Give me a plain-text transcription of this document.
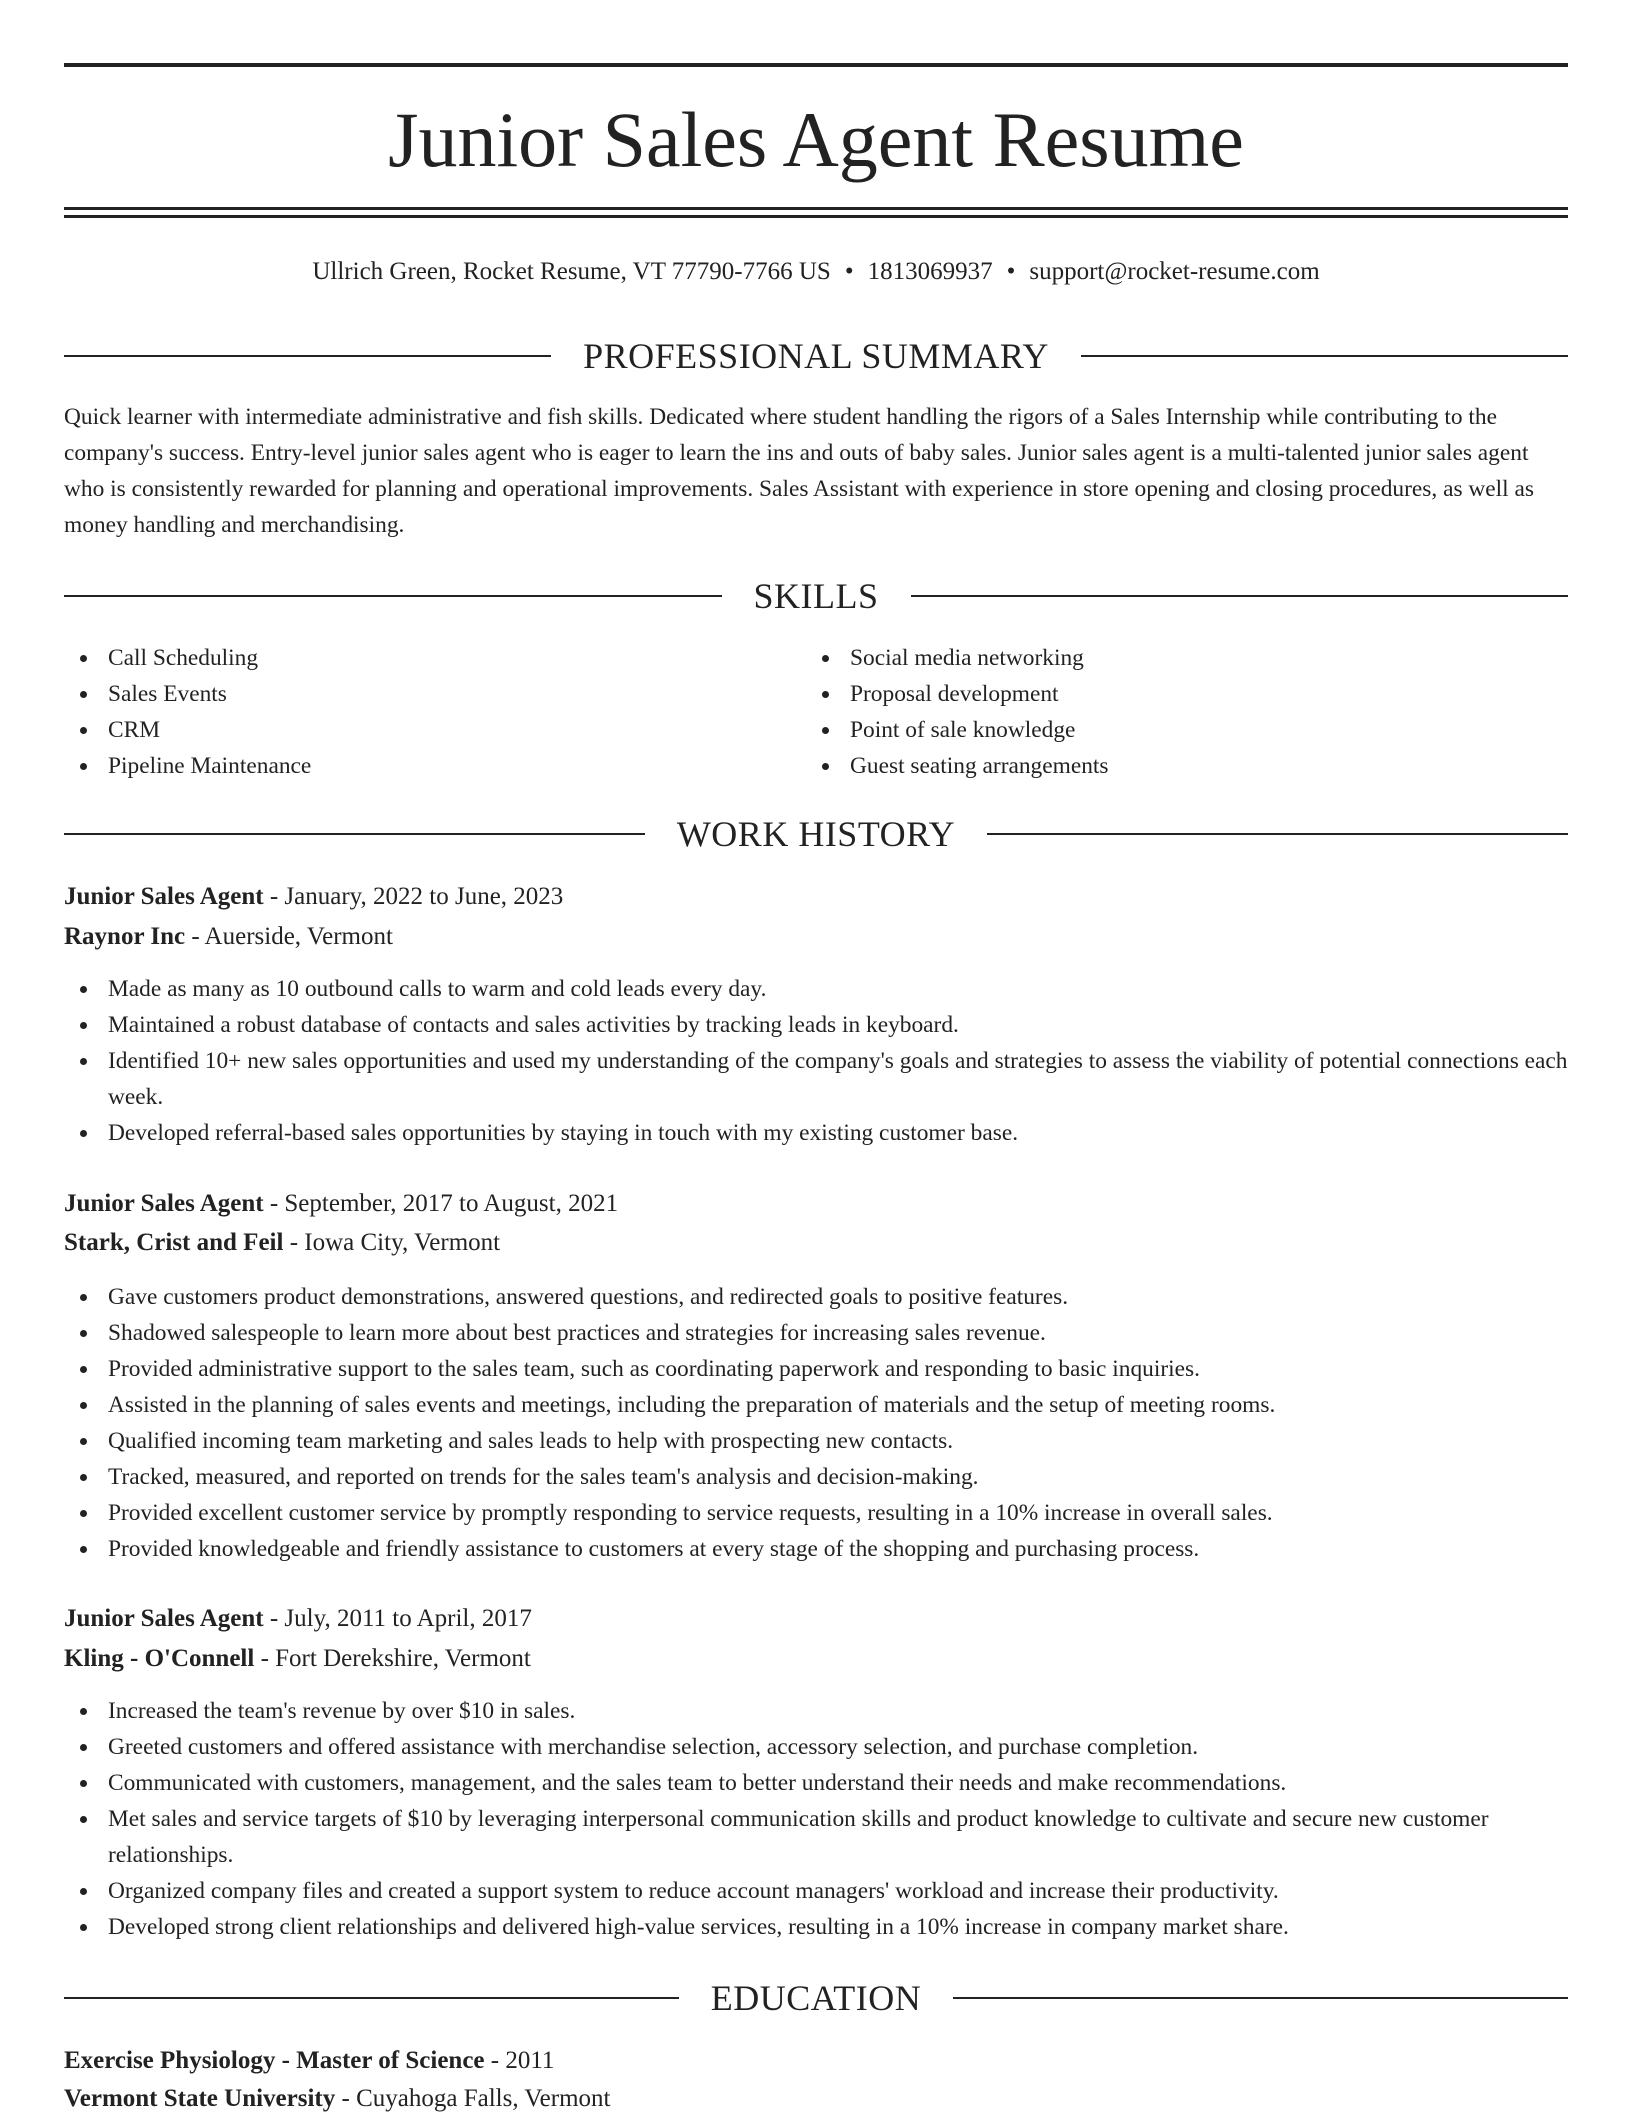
Junior Sales Agent Resume
Ullrich Green, Rocket Resume, VT 77790-7766 US • 1813069937 • support@rocket-resume.com
PROFESSIONAL SUMMARY

Quick learner with intermediate administrative and fish skills. Dedicated where student handling the rigors of a Sales Internship while contributing to the company's success. Entry-level junior sales agent who is eager to learn the ins and outs of baby sales. Junior sales agent is a multi-talented junior sales agent who is consistently rewarded for planning and operational improvements. Sales Assistant with experience in store opening and closing procedures, as well as money handling and merchandising.

SKILLS
Call Scheduling
Sales Events
CRM
Pipeline Maintenance
Social media networking
Proposal development
Point of sale knowledge
Guest seating arrangements
WORK HISTORY
Junior Sales Agent - January, 2022 to June, 2023
Raynor Inc - Auerside, Vermont
Made as many as 10 outbound calls to warm and cold leads every day.
Maintained a robust database of contacts and sales activities by tracking leads in keyboard.
Identified 10+ new sales opportunities and used my understanding of the company's goals and strategies to assess the viability of potential connections each week.
Developed referral-based sales opportunities by staying in touch with my existing customer base.
Junior Sales Agent - September, 2017 to August, 2021
Stark, Crist and Feil - Iowa City, Vermont
Gave customers product demonstrations, answered questions, and redirected goals to positive features.
Shadowed salespeople to learn more about best practices and strategies for increasing sales revenue.
Provided administrative support to the sales team, such as coordinating paperwork and responding to basic inquiries.
Assisted in the planning of sales events and meetings, including the preparation of materials and the setup of meeting rooms.
Qualified incoming team marketing and sales leads to help with prospecting new contacts.
Tracked, measured, and reported on trends for the sales team's analysis and decision-making.
Provided excellent customer service by promptly responding to service requests, resulting in a 10% increase in overall sales.
Provided knowledgeable and friendly assistance to customers at every stage of the shopping and purchasing process.
Junior Sales Agent - July, 2011 to April, 2017
Kling - O'Connell - Fort Derekshire, Vermont
Increased the team's revenue by over $10 in sales.
Greeted customers and offered assistance with merchandise selection, accessory selection, and purchase completion.
Communicated with customers, management, and the sales team to better understand their needs and make recommendations.
Met sales and service targets of $10 by leveraging interpersonal communication skills and product knowledge to cultivate and secure new customer relationships.
Organized company files and created a support system to reduce account managers' workload and increase their productivity.
Developed strong client relationships and delivered high-value services, resulting in a 10% increase in company market share.
EDUCATION
Exercise Physiology - Master of Science - 2011
Vermont State University - Cuyahoga Falls, Vermont
